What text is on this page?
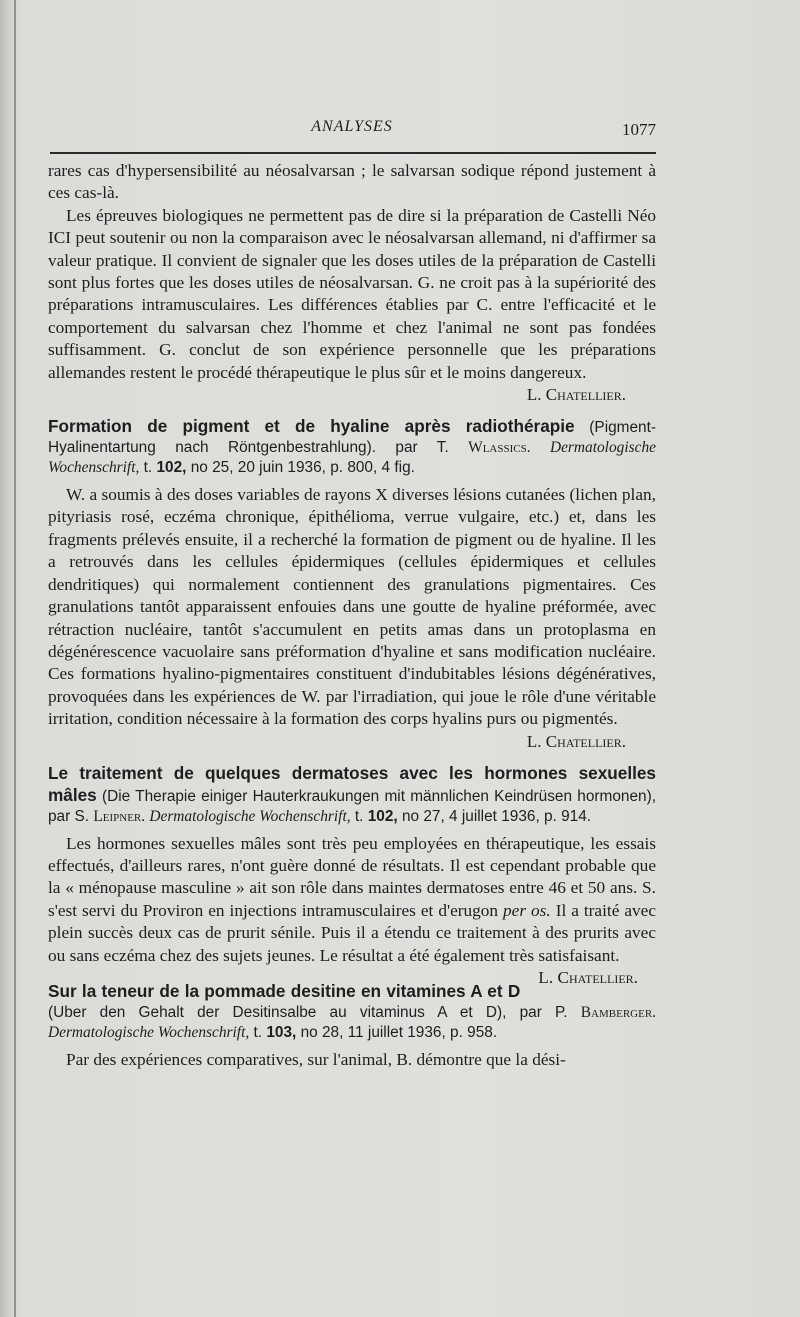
ANALYSES	1077

rares cas d'hypersensibilité au néosalvarsan ; le salvarsan sodique répond justement à ces cas-là.

Les épreuves biologiques ne permettent pas de dire si la préparation de Castelli Néo ICI peut soutenir ou non la comparaison avec le néosalvarsan allemand, ni d'affirmer sa valeur pratique. Il convient de signaler que les doses utiles de la préparation de Castelli sont plus fortes que les doses utiles de néosalvarsan. G. ne croit pas à la supériorité des préparations intramusculaires. Les différences établies par C. entre l'efficacité et le comportement du salvarsan chez l'homme et chez l'animal ne sont pas fondées suffisamment. G. conclut de son expérience personnelle que les préparations allemandes restent le procédé thérapeutique le plus sûr et le moins dangereux.

L. Chatellier.
Formation de pigment et de hyaline après radiothérapie (Pigment-Hyalinentartung nach Röntgenbestrahlung). par T. Wlassics. Dermatologische Wochenschrift, t. 102, no 25, 20 juin 1936, p. 800, 4 fig.

W. a soumis à des doses variables de rayons X diverses lésions cutanées (lichen plan, pityriasis rosé, eczéma chronique, épithélioma, verrue vulgaire, etc.) et, dans les fragments prélevés ensuite, il a recherché la formation de pigment ou de hyaline. Il les a retrouvés dans les cellules épidermiques (cellules épidermiques et cellules dendritiques) qui normalement contiennent des granulations pigmentaires. Ces granulations tantôt apparaissent enfouies dans une goutte de hyaline préformée, avec rétraction nucléaire, tantôt s'accumulent en petits amas dans un protoplasma en dégénérescence vacuolaire sans préformation d'hyaline et sans modification nucléaire. Ces formations hyalino-pigmentaires constituent d'indubitables lésions dégénératives, provoquées dans les expériences de W. par l'irradiation, qui joue le rôle d'une véritable irritation, condition nécessaire à la formation des corps hyalins purs ou pigmentés.

L. Chatellier.
Le traitement de quelques dermatoses avec les hormones sexuelles mâles (Die Therapie einiger Hauterkraukungen mit männlichen Keindrüsen hormonen), par S. Leipner. Dermatologische Wochenschrift, t. 102, no 27, 4 juillet 1936, p. 914.

Les hormones sexuelles mâles sont très peu employées en thérapeutique, les essais effectués, d'ailleurs rares, n'ont guère donné de résultats. Il est cependant probable que la « ménopause masculine » ait son rôle dans maintes dermatoses entre 46 et 50 ans. S. s'est servi du Proviron en injections intramusculaires et d'erugon per os. Il a traité avec plein succès deux cas de prurit sénile. Puis il a étendu ce traitement à des prurits avec ou sans eczéma chez des sujets jeunes. Le résultat a été également très satisfaisant.
L. Chatellier.

Sur la teneur de la pommade desitine en vitamines A et D (Uber den Gehalt der Desitinsalbe au vitaminus A et D), par P. Bamberger. Dermatologische Wochenschrift, t. 103, no 28, 11 juillet 1936, p. 958.

Par des expériences comparatives, sur l'animal, B. démontre que la dési-
